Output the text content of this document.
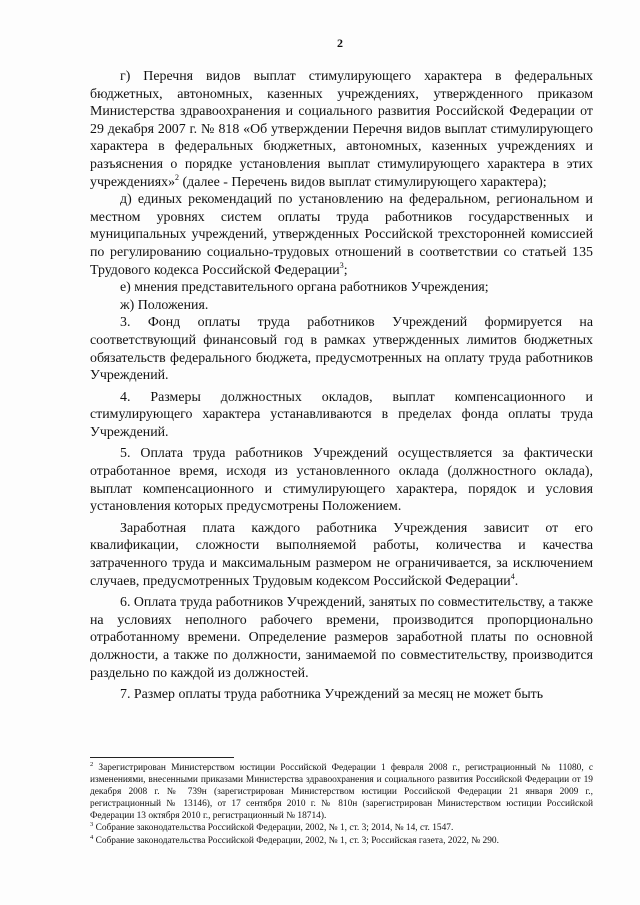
2

г) Перечня видов выплат стимулирующего характера в федеральных бюджетных, автономных, казенных учреждениях, утвержденного приказом Министерства здравоохранения и социального развития Российской Федерации от 29 декабря 2007 г. № 818 «Об утверждении Перечня видов выплат стимулирующего характера в федеральных бюджетных, автономных, казенных учреждениях и разъяснения о порядке установления выплат стимулирующего характера в этих учреждениях»$^2$ (далее - Перечень видов выплат стимулирующего характера);

д) единых рекомендаций по установлению на федеральном, региональном и местном уровнях систем оплаты труда работников государственных и муниципальных учреждений, утвержденных Российской трехсторонней комиссией по регулированию социально-трудовых отношений в соответствии со статьей 135 Трудового кодекса Российской Федерации$^3$;

е) мнения представительного органа работников Учреждения;

ж) Положения.

3. Фонд оплаты труда работников Учреждений формируется на соответствующий финансовый год в рамках утвержденных лимитов бюджетных обязательств федерального бюджета, предусмотренных на оплату труда работников Учреждений.

4. Размеры должностных окладов, выплат компенсационного и стимулирующего характера устанавливаются в пределах фонда оплаты труда Учреждений.

5. Оплата труда работников Учреждений осуществляется за фактически отработанное время, исходя из установленного оклада (должностного оклада), выплат компенсационного и стимулирующего характера, порядок и условия установления которых предусмотрены Положением.

Заработная плата каждого работника Учреждения зависит от его квалификации, сложности выполняемой работы, количества и качества затраченного труда и максимальным размером не ограничивается, за исключением случаев, предусмотренных Трудовым кодексом Российской Федерации$^4$.

6. Оплата труда работников Учреждений, занятых по совместительству, а также на условиях неполного рабочего времени, производится пропорционально отработанному времени. Определение размеров заработной платы по основной должности, а также по должности, занимаемой по совместительству, производится раздельно по каждой из должностей.

7. Размер оплаты труда работника Учреждений за месяц не может быть

$^2$ Зарегистрирован Министерством юстиции Российской Федерации 1 февраля 2008 г., регистрационный № 11080, с изменениями, внесенными приказами Министерства здравоохранения и социального развития Российской Федерации от 19 декабря 2008 г. № 739н (зарегистрирован Министерством юстиции Российской Федерации 21 января 2009 г., регистрационный № 13146), от 17 сентября 2010 г. № 810н (зарегистрирован Министерством юстиции Российской Федерации 13 октября 2010 г., регистрационный № 18714).

$^3$ Собрание законодательства Российской Федерации, 2002, № 1, ст. 3; 2014, № 14, ст. 1547.

$^4$ Собрание законодательства Российской Федерации, 2002, № 1, ст. 3; Российская газета, 2022, № 290.
